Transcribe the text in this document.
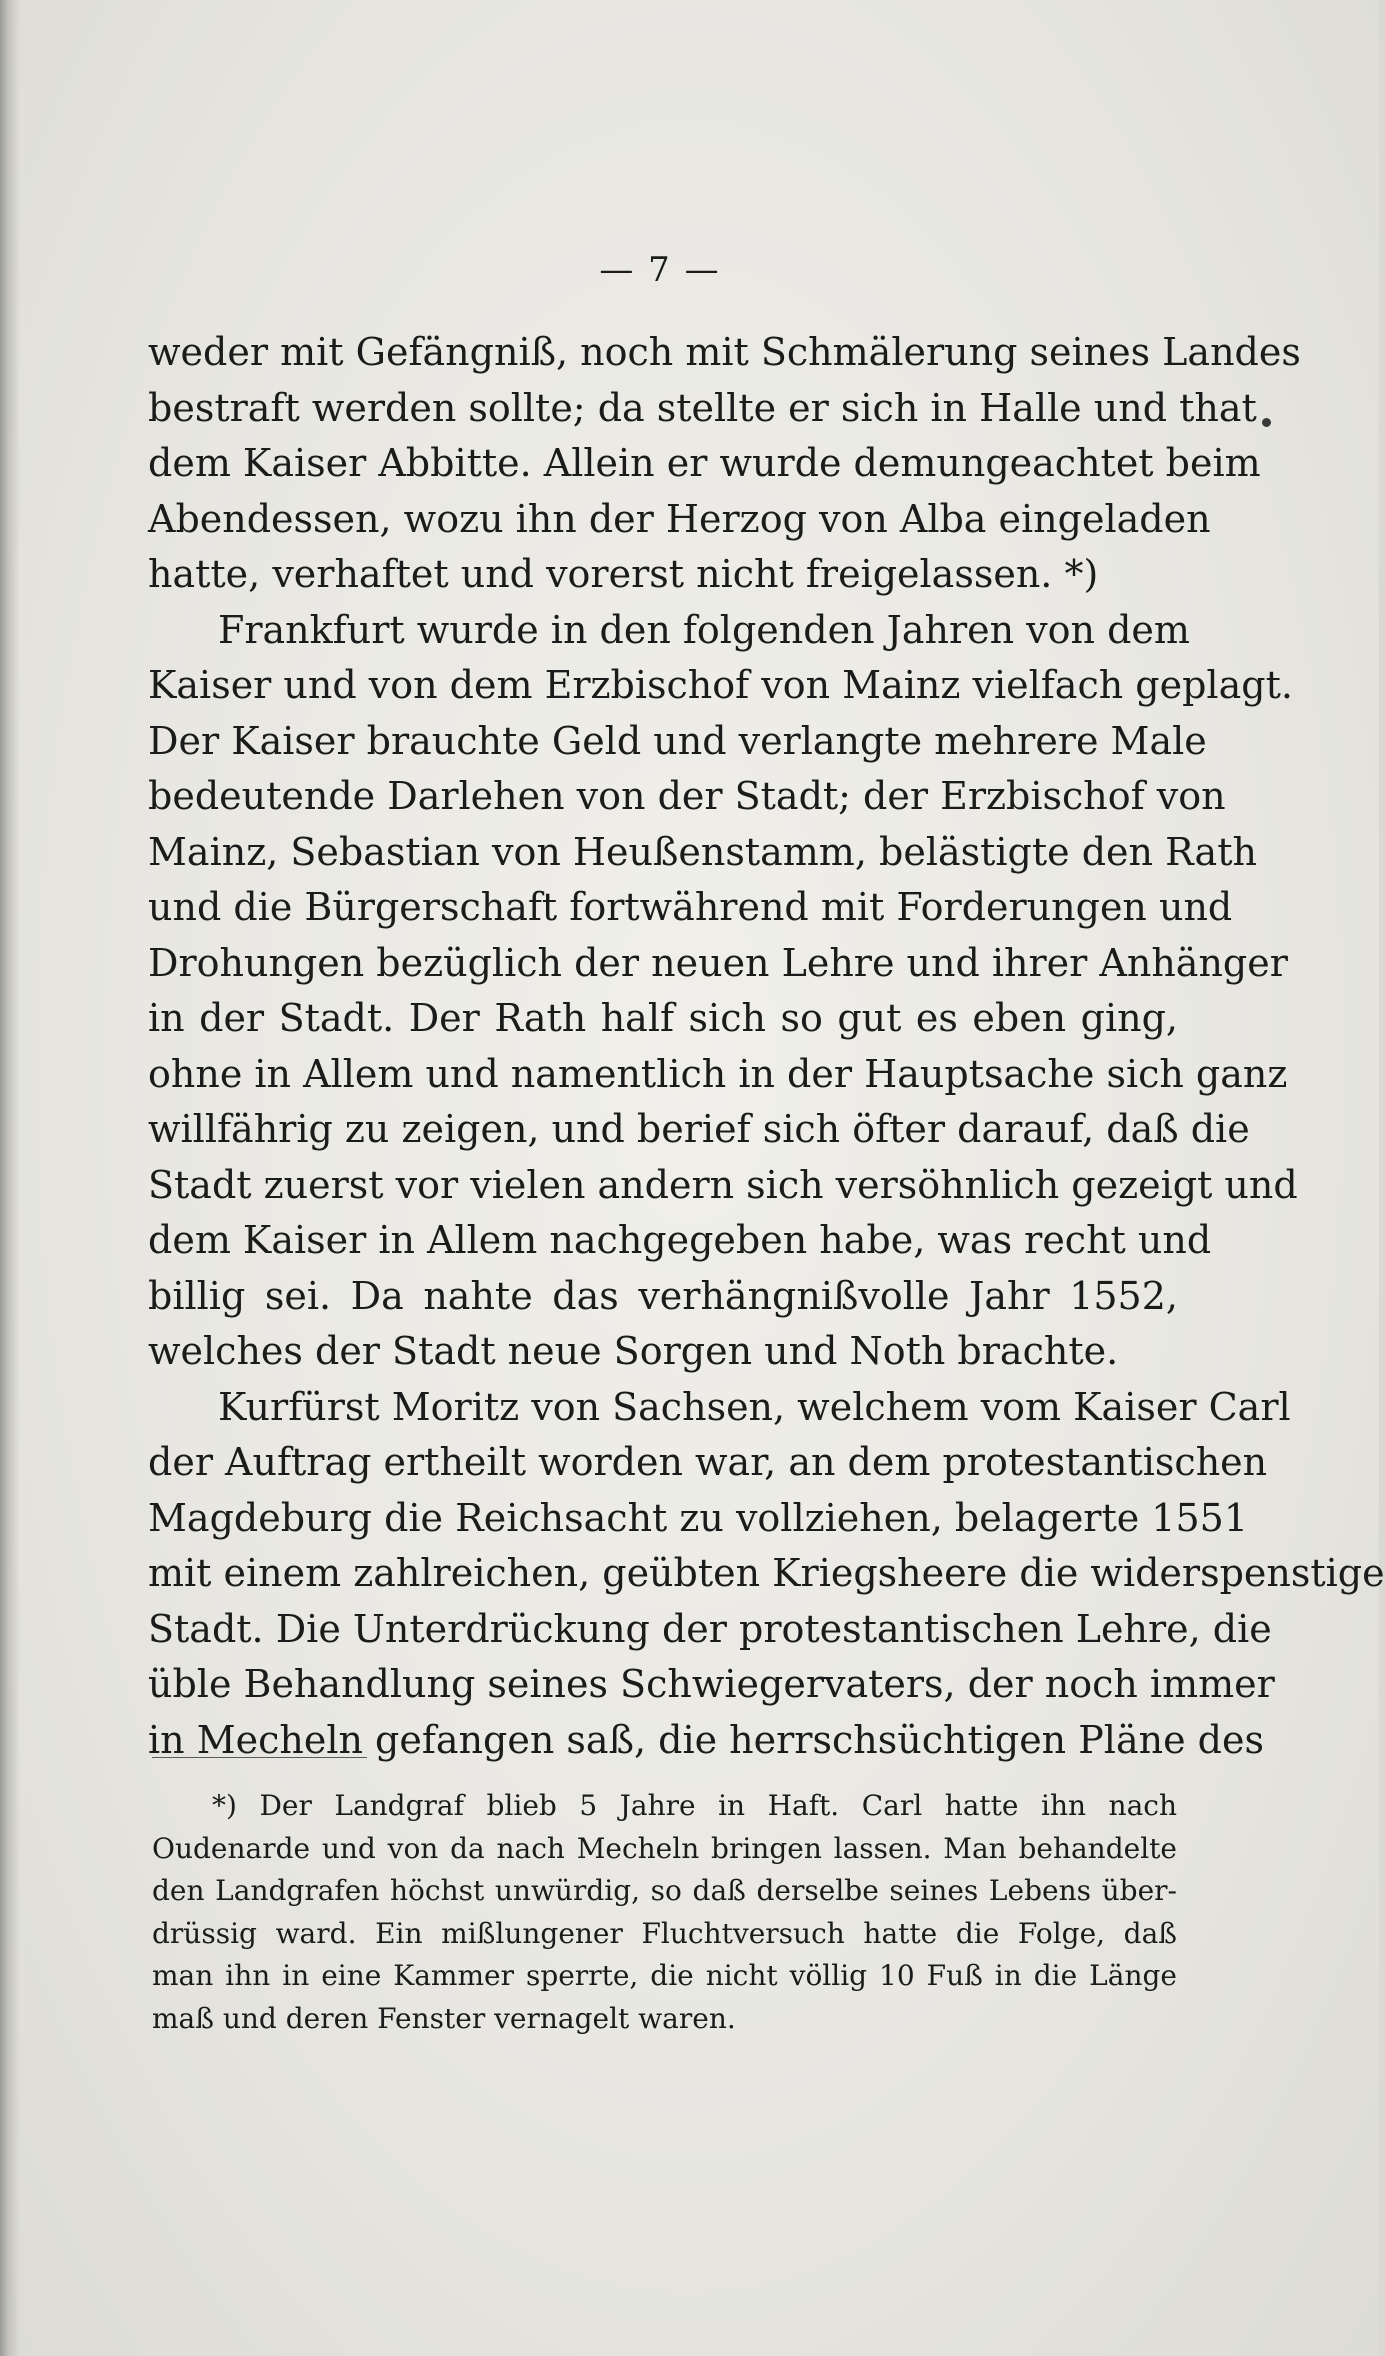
— 7 —
weder mit Gefängniß, noch mit Schmälerung seines Landes
bestraft werden sollte; da stellte er sich in Halle und that
dem Kaiser Abbitte. Allein er wurde demungeachtet beim
Abendessen, wozu ihn der Herzog von Alba eingeladen
hatte, verhaftet und vorerst nicht freigelassen. *)
Frankfurt wurde in den folgenden Jahren von dem
Kaiser und von dem Erzbischof von Mainz vielfach geplagt.
Der Kaiser brauchte Geld und verlangte mehrere Male
bedeutende Darlehen von der Stadt; der Erzbischof von
Mainz, Sebastian von Heußenstamm, belästigte den Rath
und die Bürgerschaft fortwährend mit Forderungen und
Drohungen bezüglich der neuen Lehre und ihrer Anhänger
in der Stadt. Der Rath half sich so gut es eben ging,
ohne in Allem und namentlich in der Hauptsache sich ganz
willfährig zu zeigen, und berief sich öfter darauf, daß die
Stadt zuerst vor vielen andern sich versöhnlich gezeigt und
dem Kaiser in Allem nachgegeben habe, was recht und
billig sei. Da nahte das verhängnißvolle Jahr 1552,
welches der Stadt neue Sorgen und Noth brachte.
Kurfürst Moritz von Sachsen, welchem vom Kaiser Carl
der Auftrag ertheilt worden war, an dem protestantischen
Magdeburg die Reichsacht zu vollziehen, belagerte 1551
mit einem zahlreichen, geübten Kriegsheere die widerspenstige
Stadt. Die Unterdrückung der protestantischen Lehre, die
üble Behandlung seines Schwiegervaters, der noch immer
in Mecheln gefangen saß, die herrschsüchtigen Pläne des
*) Der Landgraf blieb 5 Jahre in Haft. Carl hatte ihn nach
Oudenarde und von da nach Mecheln bringen lassen. Man behandelte
den Landgrafen höchst unwürdig, so daß derselbe seines Lebens über-
drüssig ward. Ein mißlungener Fluchtversuch hatte die Folge, daß
man ihn in eine Kammer sperrte, die nicht völlig 10 Fuß in die Länge
maß und deren Fenster vernagelt waren.
